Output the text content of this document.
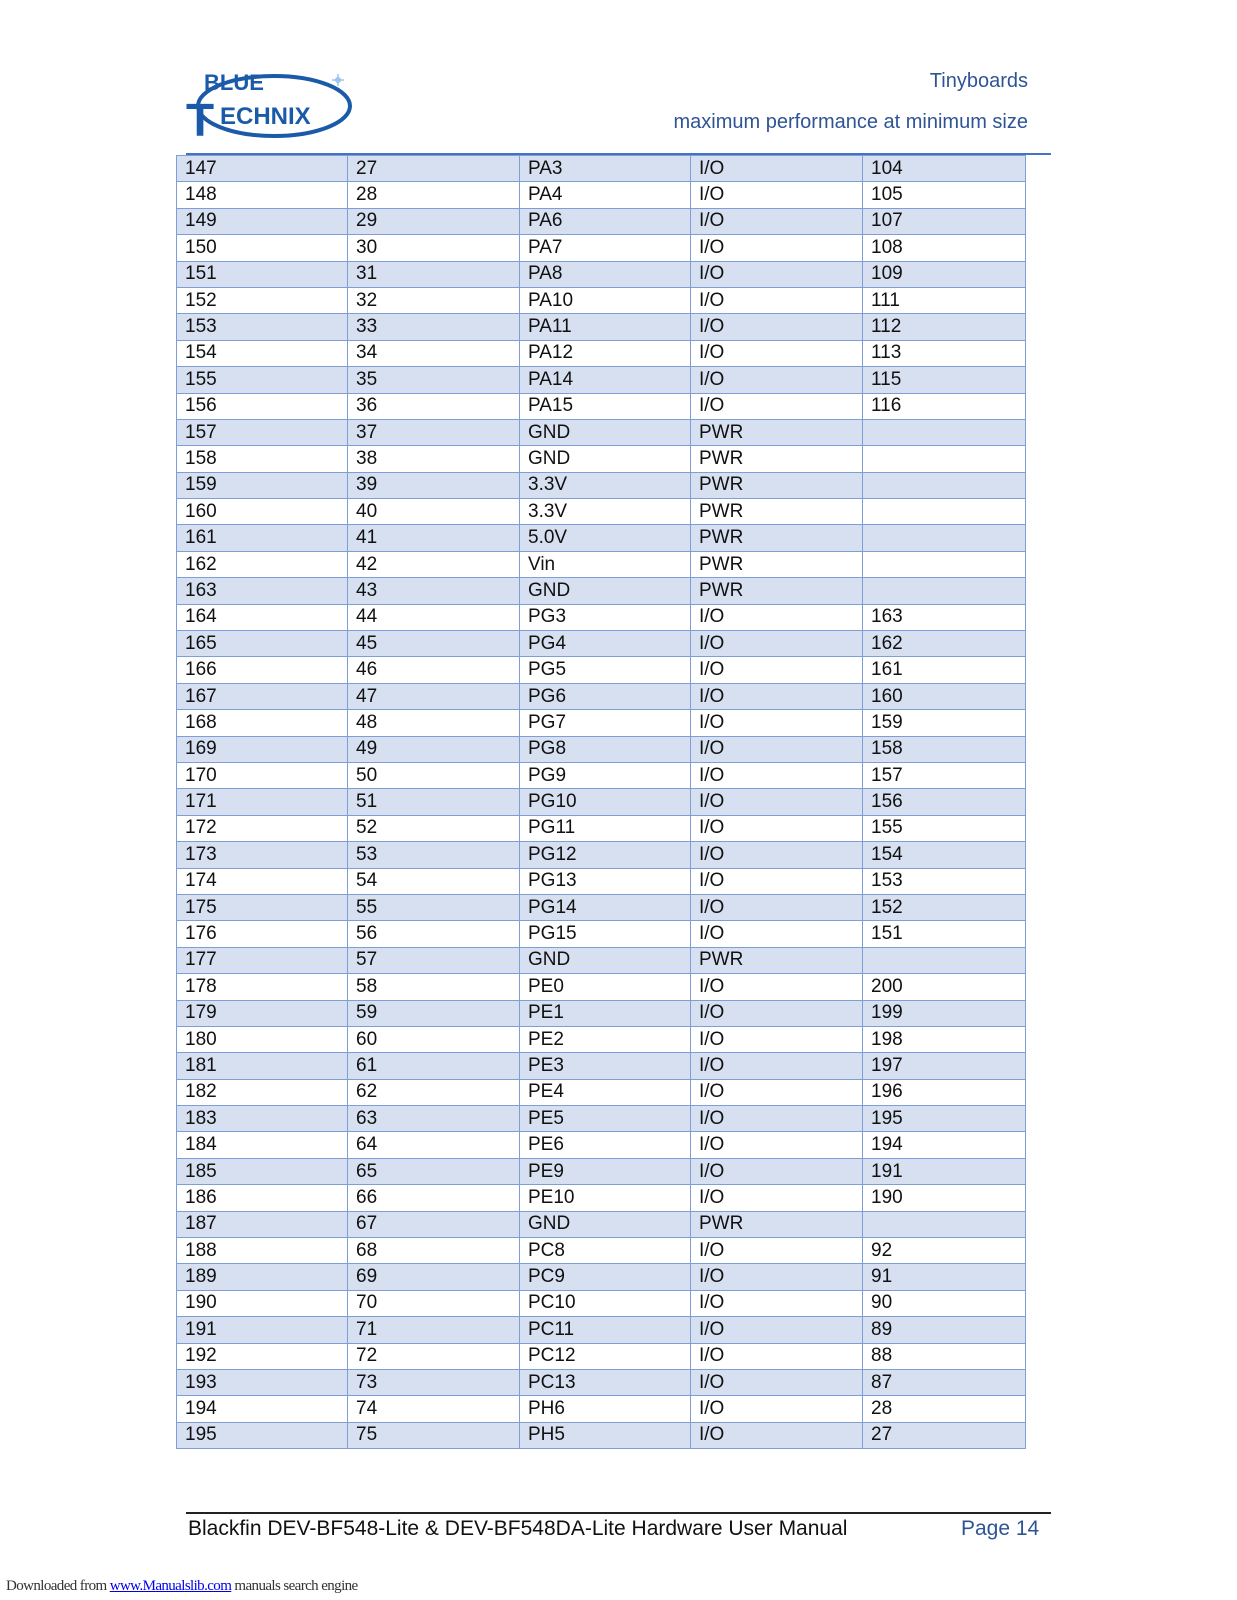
BLUE
T ECHNIX
Tinyboards
maximum performance at minimum size
147	27	PA3	I/O	104
148	28	PA4	I/O	105
149	29	PA6	I/O	107
150	30	PA7	I/O	108
151	31	PA8	I/O	109
152	32	PA10	I/O	111
153	33	PA11	I/O	112
154	34	PA12	I/O	113
155	35	PA14	I/O	115
156	36	PA15	I/O	116
157	37	GND	PWR	
158	38	GND	PWR	
159	39	3.3V	PWR	
160	40	3.3V	PWR	
161	41	5.0V	PWR	
162	42	Vin	PWR	
163	43	GND	PWR	
164	44	PG3	I/O	163
165	45	PG4	I/O	162
166	46	PG5	I/O	161
167	47	PG6	I/O	160
168	48	PG7	I/O	159
169	49	PG8	I/O	158
170	50	PG9	I/O	157
171	51	PG10	I/O	156
172	52	PG11	I/O	155
173	53	PG12	I/O	154
174	54	PG13	I/O	153
175	55	PG14	I/O	152
176	56	PG15	I/O	151
177	57	GND	PWR	
178	58	PE0	I/O	200
179	59	PE1	I/O	199
180	60	PE2	I/O	198
181	61	PE3	I/O	197
182	62	PE4	I/O	196
183	63	PE5	I/O	195
184	64	PE6	I/O	194
185	65	PE9	I/O	191
186	66	PE10	I/O	190
187	67	GND	PWR	
188	68	PC8	I/O	92
189	69	PC9	I/O	91
190	70	PC10	I/O	90
191	71	PC11	I/O	89
192	72	PC12	I/O	88
193	73	PC13	I/O	87
194	74	PH6	I/O	28
195	75	PH5	I/O	27
Blackfin DEV-BF548-Lite & DEV-BF548DA-Lite Hardware User Manual	Page 14
Downloaded from www.Manualslib.com manuals search engine
